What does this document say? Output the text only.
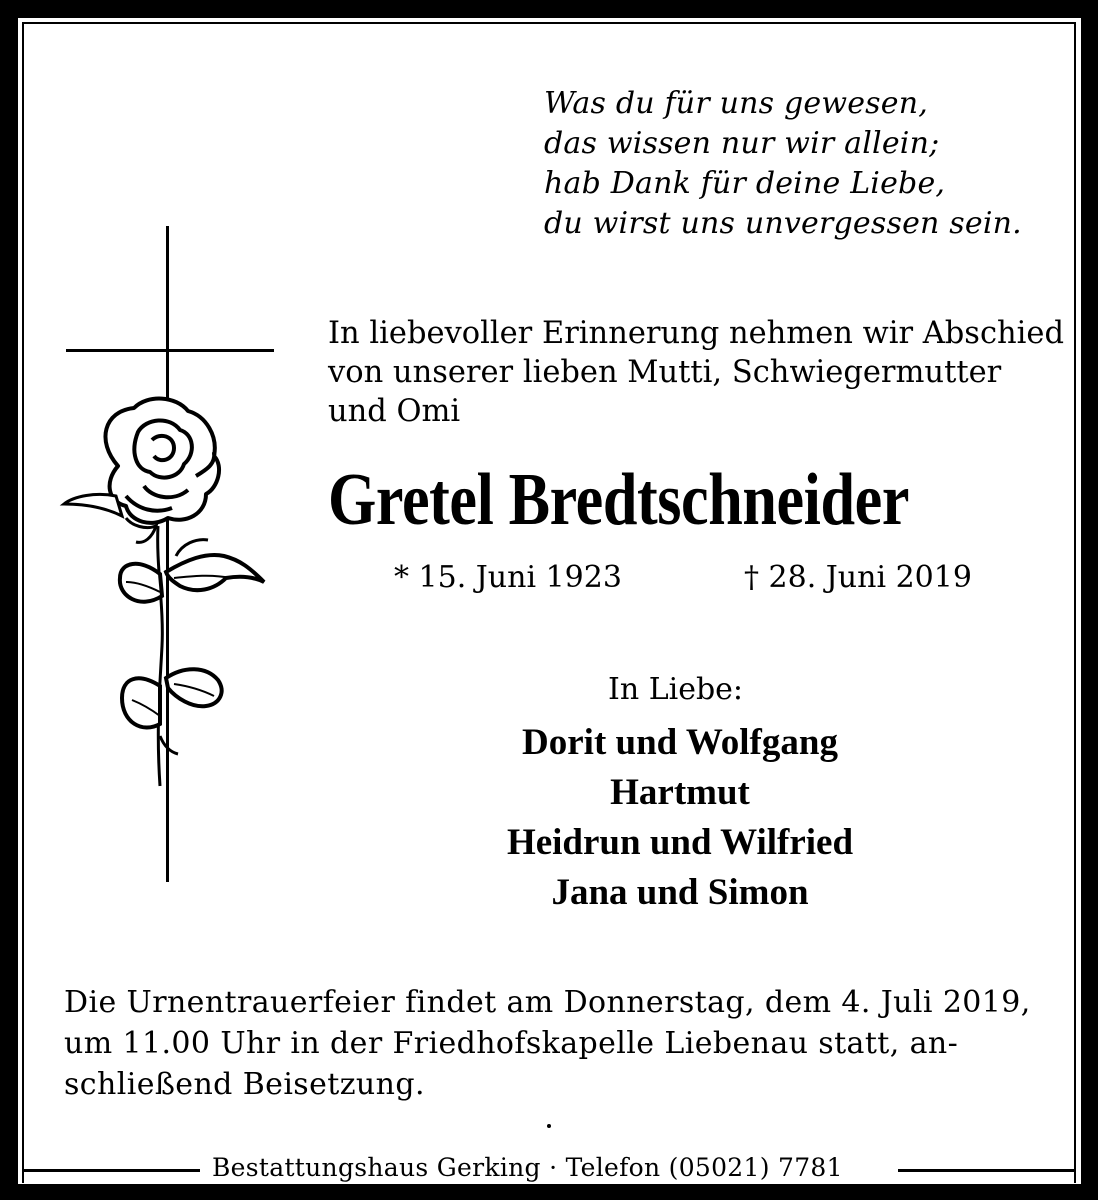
Was du für uns gewesen,
das wissen nur wir allein;
hab Dank für deine Liebe,
du wirst uns unvergessen sein.
In liebevoller Erinnerung nehmen wir Abschied
von unserer lieben Mutti, Schwiegermutter
und Omi
Gretel Bredtschneider
* 15. Juni 1923	† 28. Juni 2019
In Liebe:
Dorit und Wolfgang
Hartmut
Heidrun und Wilfried
Jana und Simon
Die Urnentrauerfeier findet am Donnerstag, dem 4. Juli 2019,
um 11.00 Uhr in der Friedhofskapelle Liebenau statt, an-
schließend Beisetzung.
Bestattungshaus Gerking · Telefon (05021) 7781
